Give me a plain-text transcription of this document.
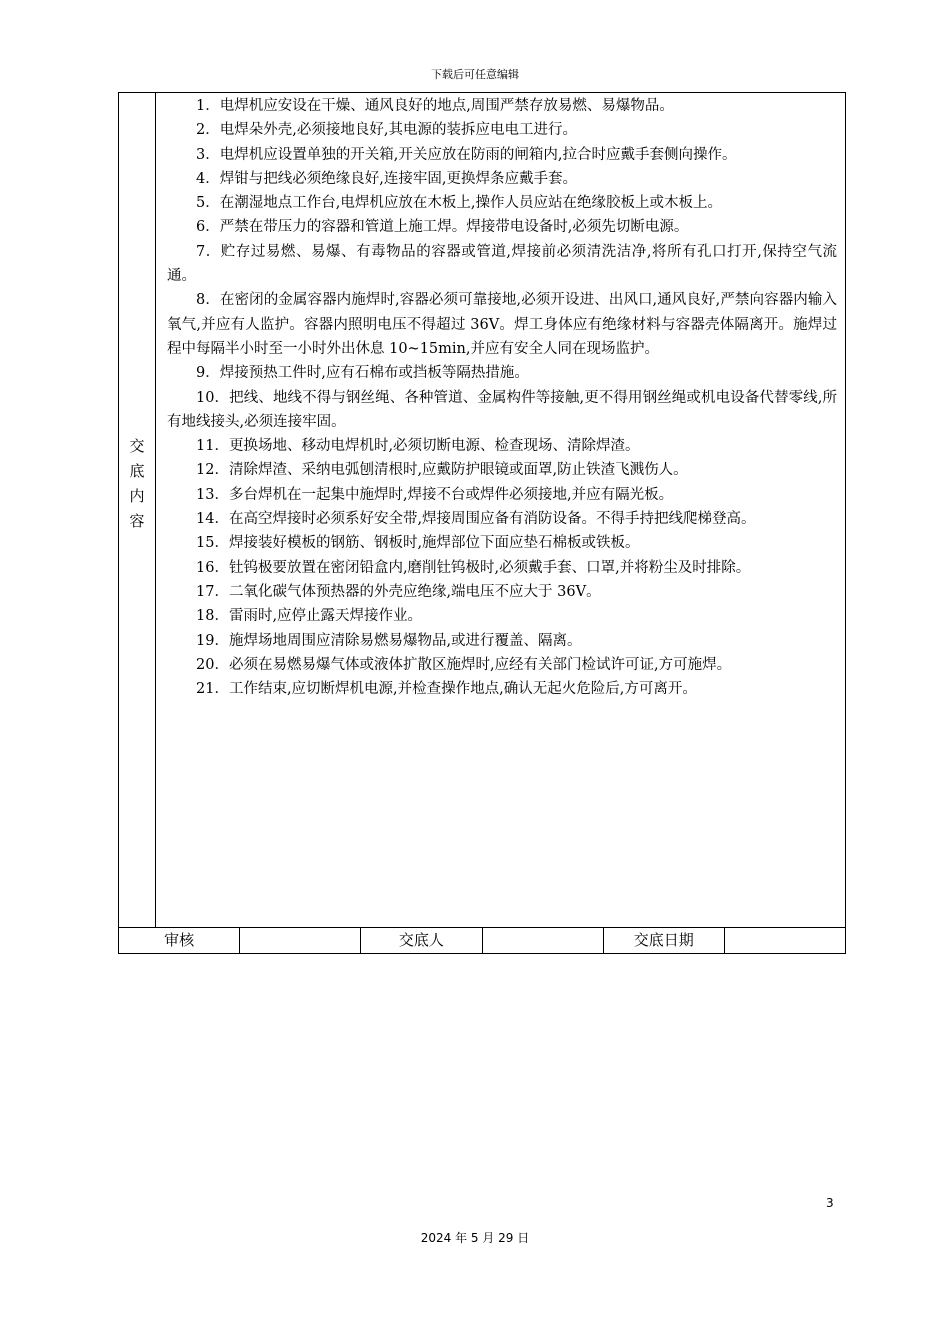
下载后可任意编辑
交
底
内
容

1．电焊机应安设在干燥、通风良好的地点,周围严禁存放易燃、易爆物品。

2．电焊朵外壳,必须接地良好,其电源的装拆应电电工进行。

3．电焊机应设置单独的开关箱,开关应放在防雨的闸箱内,拉合时应戴手套侧向操作。

4．焊钳与把线必须绝缘良好,连接牢固,更换焊条应戴手套。

5．在潮湿地点工作台,电焊机应放在木板上,操作人员应站在绝缘胶板上或木板上。

6．严禁在带压力的容器和管道上施工焊。焊接带电设备时,必须先切断电源。

7．贮存过易燃、易爆、有毒物品的容器或管道,焊接前必须清洗洁净,将所有孔口打开,保持空气流通。

8．在密闭的金属容器内施焊时,容器必须可靠接地,必须开设进、出风口,通风良好,严禁向容器内输入氧气,并应有人监护。容器内照明电压不得超过 36V。焊工身体应有绝缘材料与容器壳体隔离开。施焊过程中每隔半小时至一小时外出休息 10~15min,并应有安全人同在现场监护。

9．焊接预热工件时,应有石棉布或挡板等隔热措施。

10．把线、地线不得与钢丝绳、各种管道、金属构件等接触,更不得用钢丝绳或机电设备代替零线,所有地线接头,必须连接牢固。

11．更换场地、移动电焊机时,必须切断电源、检查现场、清除焊渣。

12．清除焊渣、采纳电弧刨清根时,应戴防护眼镜或面罩,防止铁渣飞溅伤人。

13．多台焊机在一起集中施焊时,焊接不台或焊件必须接地,并应有隔光板。

14．在高空焊接时必须系好安全带,焊接周围应备有消防设备。不得手持把线爬梯登高。

15．焊接装好模板的钢筋、钢板时,施焊部位下面应垫石棉板或铁板。

16．钍钨极要放置在密闭铅盒内,磨削钍钨极时,必须戴手套、口罩,并将粉尘及时排除。

17．二氧化碳气体预热器的外壳应绝缘,端电压不应大于 36V。

18．雷雨时,应停止露天焊接作业。

19．施焊场地周围应清除易燃易爆物品,或进行覆盖、隔离。

20．必须在易燃易爆气体或液体扩散区施焊时,应经有关部门检试许可证,方可施焊。

21．工作结束,应切断焊机电源,并检查操作地点,确认无起火危险后,方可离开。

审核	交底人	交底日期
3
2024 年 5 月 29 日
